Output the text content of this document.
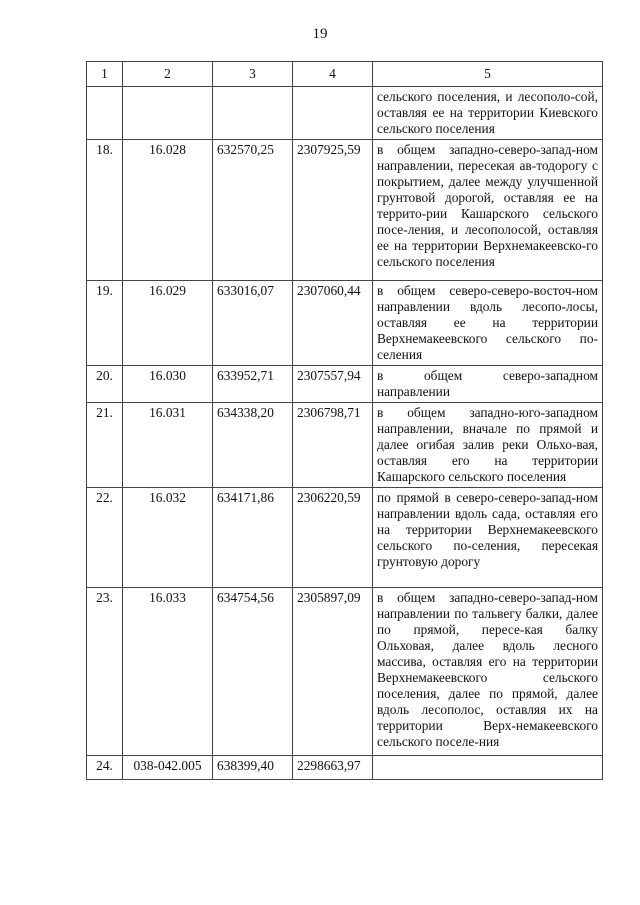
19
1	2	3	4	5
				сельского поселения, и лесополо-сой, оставляя ее на территории Киевского сельского поселения
18.	16.028	632570,25	2307925,59	в общем западно-северо-запад-ном направлении, пересекая ав-тодорогу с покрытием, далее между улучшенной грунтовой дорогой, оставляя ее на террито-рии Кашарского сельского посе-ления, и лесополосой, оставляя ее на территории Верхнемакеевско-го сельского поселения
19.	16.029	633016,07	2307060,44	в общем северо-северо-восточ-ном направлении вдоль лесопо-лосы, оставляя ее на территории Верхнемакеевского сельского по-селения
20.	16.030	633952,71	2307557,94	в общем северо-западном направлении
21.	16.031	634338,20	2306798,71	в общем западно-юго-западном направлении, вначале по прямой и далее огибая залив реки Ольхо-вая, оставляя его на территории Кашарского сельского поселения
22.	16.032	634171,86	2306220,59	по прямой в северо-северо-запад-ном направлении вдоль сада, оставляя его на территории Верхнемакеевского сельского по-селения, пересекая грунтовую дорогу
23.	16.033	634754,56	2305897,09	в общем западно-северо-запад-ном направлении по тальвегу балки, далее по прямой, пересе-кая балку Ольховая, далее вдоль лесного массива, оставляя его на территории Верхнемакеевского сельского поселения, далее по прямой, далее вдоль лесополос, оставляя их на территории Верх-немакеевского сельского поселе-ния
24.	038-042.005	638399,40	2298663,97	
